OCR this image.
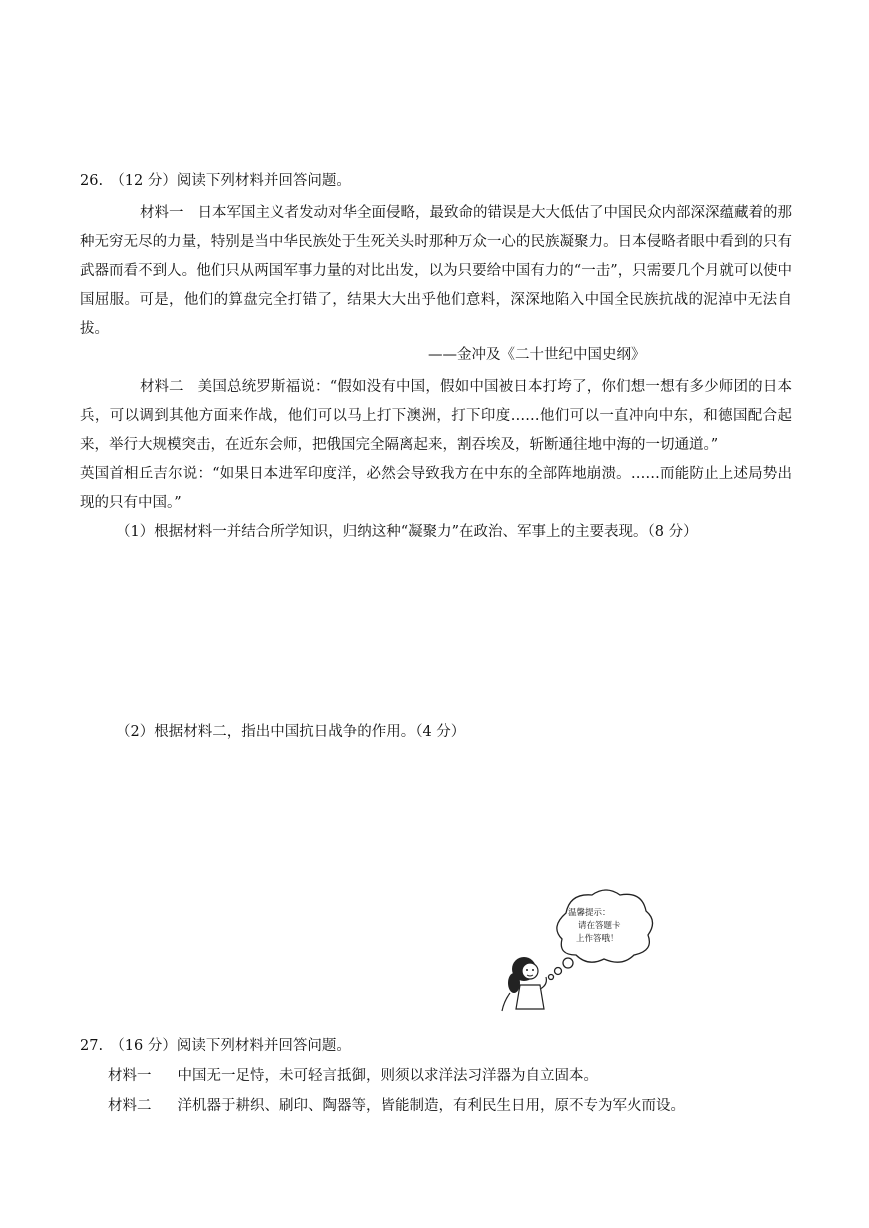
26.　（12 分）阅读下列材料并回答问题。
材料一 日本军国主义者发动对华全面侵略，最致命的错误是大大低估了中国民众内部深深蕴藏着的那种无穷无尽的力量，特别是当中华民族处于生死关头时那种万众一心的民族凝聚力。日本侵略者眼中看到的只有武器而看不到人。他们只从两国军事力量的对比出发，以为只要给中国有力的“一击”，只需要几个月就可以使中国屈服。可是，他们的算盘完全打错了，结果大大出乎他们意料，深深地陷入中国全民族抗战的泥淖中无法自拔。
——金冲及《二十世纪中国史纲》
材料二 美国总统罗斯福说：“假如没有中国，假如中国被日本打垮了，你们想一想有多少师团的日本兵，可以调到其他方面来作战，他们可以马上打下澳洲，打下印度……他们可以一直冲向中东，和德国配合起来，举行大规模突击，在近东会师，把俄国完全隔离起来，割吞埃及，斩断通往地中海的一切通道。”
英国首相丘吉尔说：“如果日本进军印度洋，必然会导致我方在中东的全部阵地崩溃。……而能防止上述局势出现的只有中国。”
（1）根据材料一并结合所学知识，归纳这种“凝聚力”在政治、军事上的主要表现。（8 分）
（2）根据材料二，指出中国抗日战争的作用。（4 分）
温馨提示：
请在答题卡
上作答哦！
27.　（16 分）阅读下列材料并回答问题。
材料一 中国无一足恃，未可轻言抵御，则须以求洋法习洋器为自立固本。
材料二 洋机器于耕织、刷印、陶器等，皆能制造，有利民生日用，原不专为军火而设。
